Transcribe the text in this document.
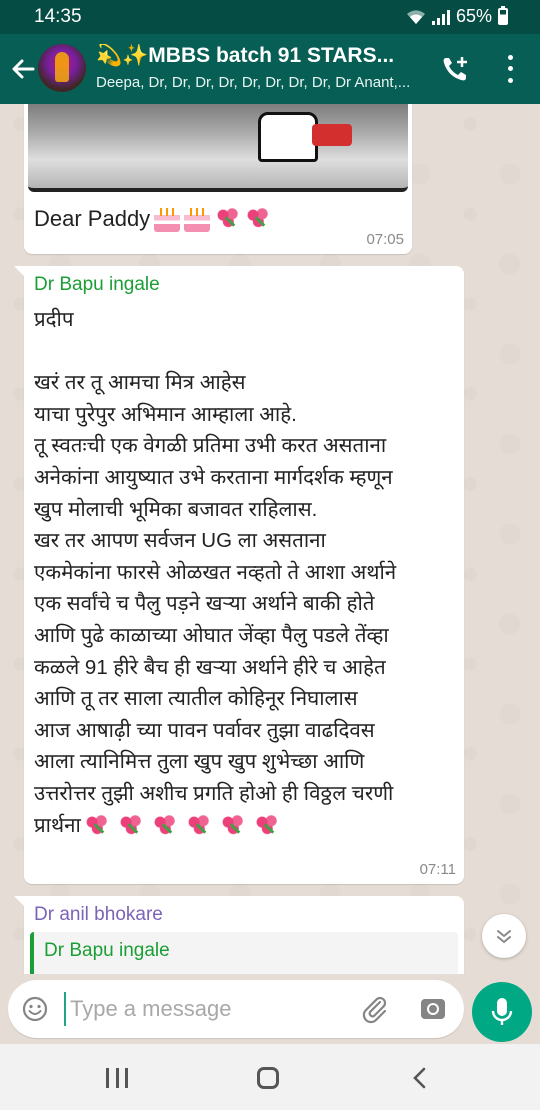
14:35	65%
💫✨MBBS batch 91 STARS...
Deepa, Dr, Dr, Dr, Dr, Dr, Dr, Dr, Dr, Dr Anant,...
Dear Paddy
07:05
Dr Bapu ingale
प्रदीप
खरं तर तू आमचा मित्र आहेस
याचा पुरेपुर अभिमान आम्हाला आहे.
तू स्वतःची एक वेगळी प्रतिमा उभी करत असताना
अनेकांना आयुष्यात उभे करताना मार्गदर्शक म्हणून
खुप मोलाची भूमिका बजावत राहिलास.
खर तर आपण सर्वजन UG ला असताना
एकमेकांना फारसे ओळखत नव्हतो ते आशा अर्थाने
एक सर्वांचे च पैलु पड़ने खऱ्या अर्थाने बाकी होते
आणि पुढे काळाच्या ओघात जेंव्हा पैलु पडले तेंव्हा
कळले 91 हीरे बैच ही खऱ्या अर्थाने हीरे च आहेत
आणि तू तर साला त्यातील कोहिनूर निघालास
आज आषाढ़ी च्या पावन पर्वावर तुझा वाढदिवस
आला त्यानिमित्त तुला खुप खुप शुभेच्छा आणि
उत्तरोत्तर तुझी अशीच प्रगति होओ ही विठ्ठल चरणी
प्रार्थना
07:11
Dr anil bhokare
Dr Bapu ingale
Type a message
